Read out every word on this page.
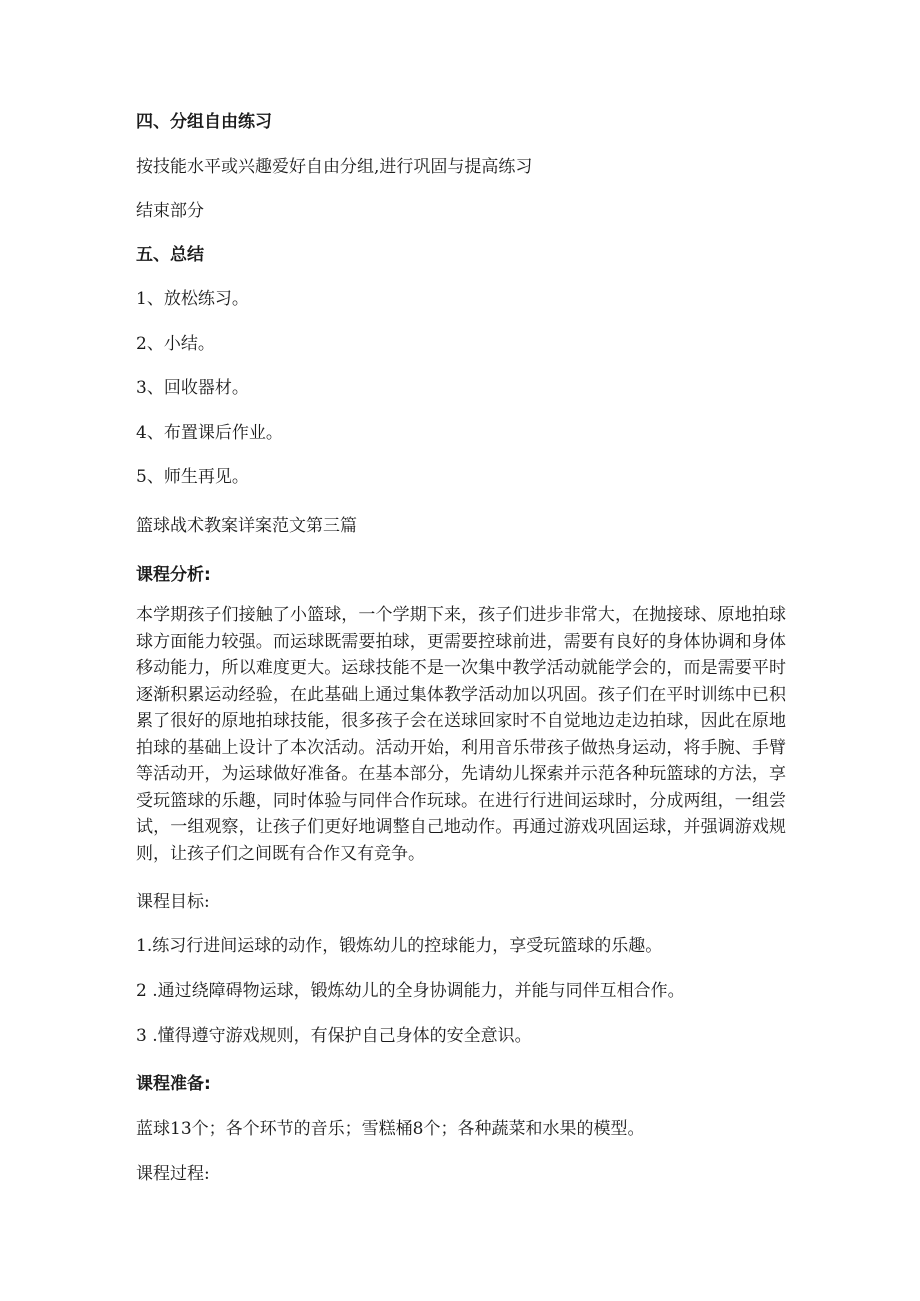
四、分组自由练习

按技能水平或兴趣爱好自由分组,进行巩固与提高练习

结束部分

五、总结

1、放松练习。

2、小结。

3、回收器材。

4、布置课后作业。

5、师生再见。

篮球战术教案详案范文第三篇

课程分析:

本学期孩子们接触了小篮球，一个学期下来，孩子们进步非常大，在抛接球、原地拍球球方面能力较强。而运球既需要拍球，更需要控球前进，需要有良好的身体协调和身体移动能力，所以难度更大。运球技能不是一次集中教学活动就能学会的，而是需要平时逐渐积累运动经验，在此基础上通过集体教学活动加以巩固。孩子们在平时训练中已积累了很好的原地拍球技能，很多孩子会在送球回家时不自觉地边走边拍球，因此在原地拍球的基础上设计了本次活动。活动开始，利用音乐带孩子做热身运动，将手腕、手臂等活动开，为运球做好准备。在基本部分，先请幼儿探索并示范各种玩篮球的方法，享受玩篮球的乐趣，同时体验与同伴合作玩球。在进行行进间运球时，分成两组，一组尝试，一组观察，让孩子们更好地调整自己地动作。再通过游戏巩固运球，并强调游戏规则，让孩子们之间既有合作又有竞争。

课程目标:

1.练习行进间运球的动作，锻炼幼儿的控球能力，享受玩篮球的乐趣。

2 .通过绕障碍物运球，锻炼幼儿的全身协调能力，并能与同伴互相合作。

3 .懂得遵守游戏规则，有保护自己身体的安全意识。

课程准备:

蓝球13个；各个环节的音乐；雪糕桶8个；各种蔬菜和水果的模型。

课程过程:
